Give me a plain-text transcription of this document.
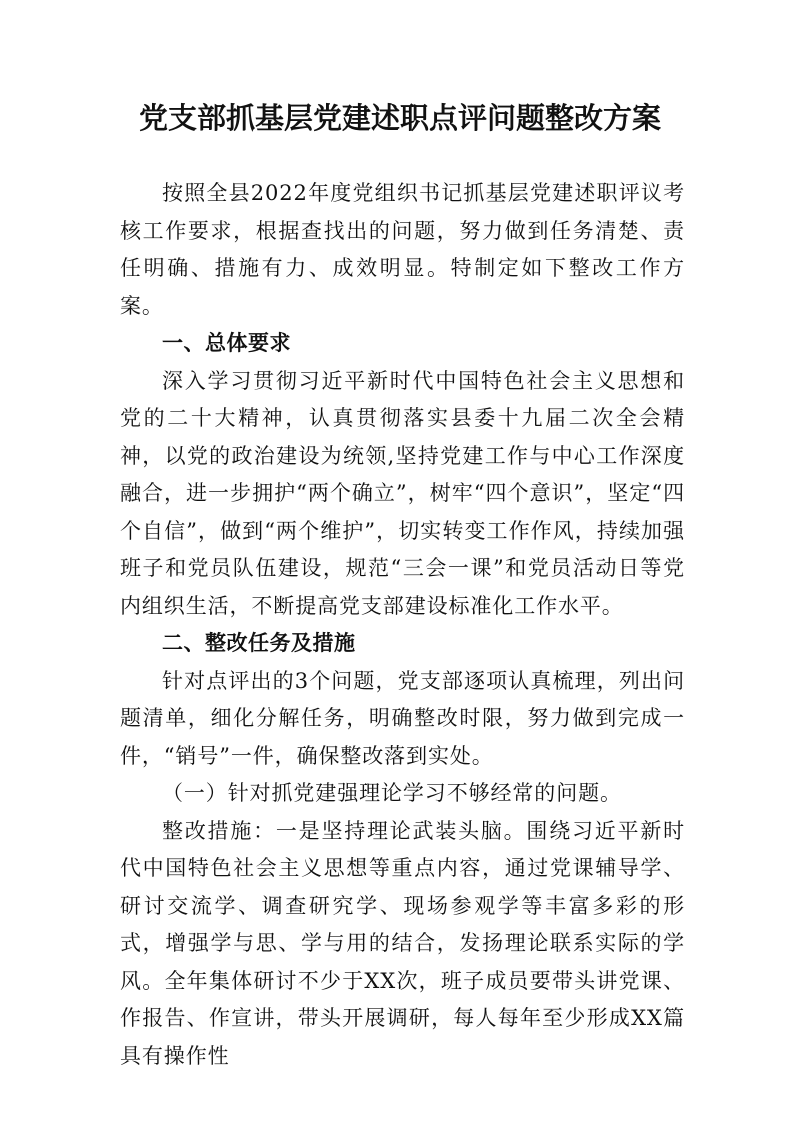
党支部抓基层党建述职点评问题整改方案

按照全县2022年度党组织书记抓基层党建述职评议考核工作要求，根据查找出的问题，努力做到任务清楚、责任明确、措施有力、成效明显。特制定如下整改工作方案。

一、总体要求

深入学习贯彻习近平新时代中国特色社会主义思想和党的二十大精神，认真贯彻落实县委十九届二次全会精神，以党的政治建设为统领,坚持党建工作与中心工作深度融合，进一步拥护“两个确立”，树牢“四个意识”，坚定“四个自信”，做到“两个维护”，切实转变工作作风，持续加强班子和党员队伍建设，规范“三会一课”和党员活动日等党内组织生活，不断提高党支部建设标准化工作水平。

二、整改任务及措施

针对点评出的3个问题，党支部逐项认真梳理，列出问题清单，细化分解任务，明确整改时限，努力做到完成一件，“销号”一件，确保整改落到实处。

（一）针对抓党建强理论学习不够经常的问题。

整改措施：一是坚持理论武装头脑。围绕习近平新时代中国特色社会主义思想等重点内容，通过党课辅导学、研讨交流学、调查研究学、现场参观学等丰富多彩的形式，增强学与思、学与用的结合，发扬理论联系实际的学风。全年集体研讨不少于XX次，班子成员要带头讲党课、作报告、作宣讲，带头开展调研，每人每年至少形成XX篇具有操作性
